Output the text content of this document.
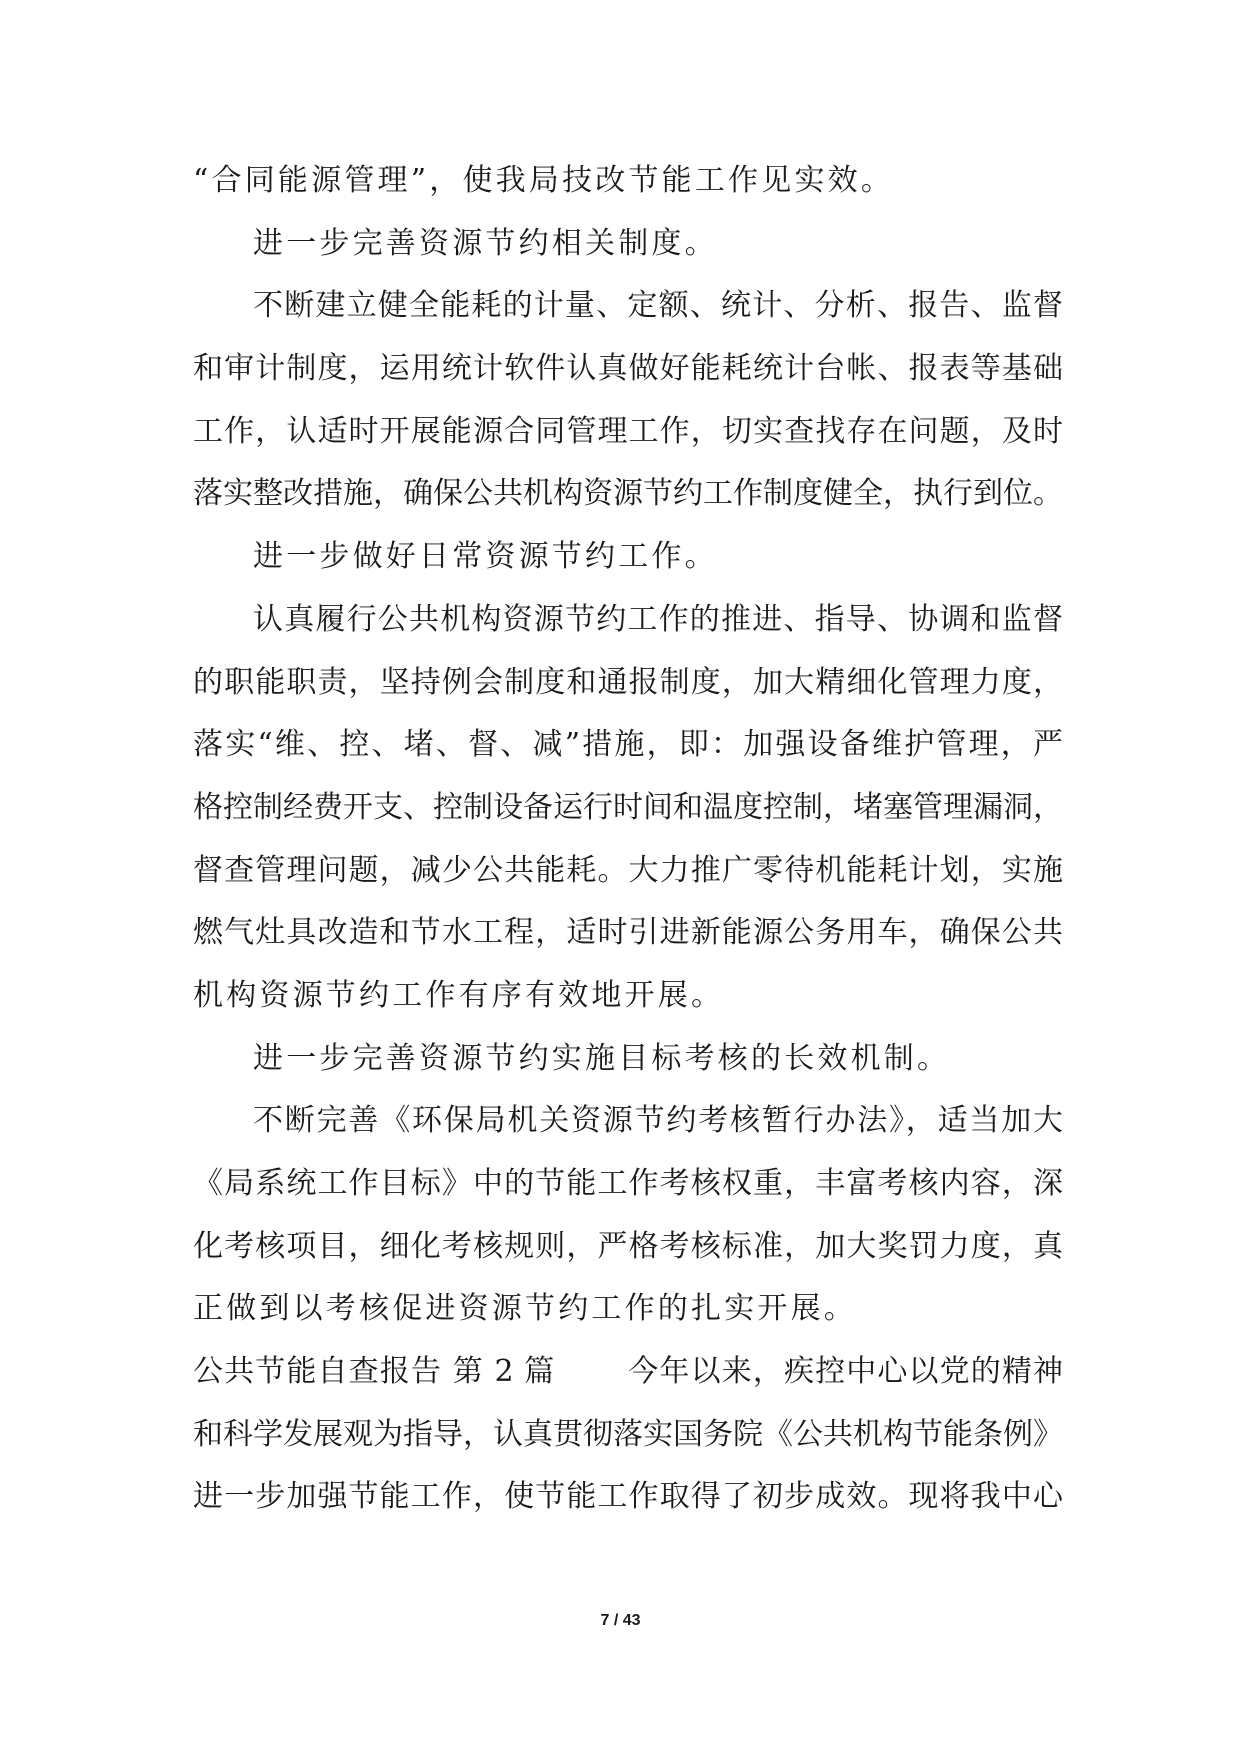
“合同能源管理”，使我局技改节能工作见实效。
进一步完善资源节约相关制度。
不断建立健全能耗的计量、定额、统计、分析、报告、监督
和审计制度，运用统计软件认真做好能耗统计台帐、报表等基础
工作，认适时开展能源合同管理工作，切实查找存在问题，及时
落实整改措施，确保公共机构资源节约工作制度健全，执行到位。
进一步做好日常资源节约工作。
认真履行公共机构资源节约工作的推进、指导、协调和监督
的职能职责，坚持例会制度和通报制度，加大精细化管理力度，
落实“维、控、堵、督、减”措施，即：加强设备维护管理，严
格控制经费开支、控制设备运行时间和温度控制，堵塞管理漏洞，
督查管理问题，减少公共能耗。大力推广零待机能耗计划，实施
燃气灶具改造和节水工程，适时引进新能源公务用车，确保公共
机构资源节约工作有序有效地开展。
进一步完善资源节约实施目标考核的长效机制。
不断完善《环保局机关资源节约考核暂行办法》，适当加大
《局系统工作目标》中的节能工作考核权重，丰富考核内容，深
化考核项目，细化考核规则，严格考核标准，加大奖罚力度，真
正做到以考核促进资源节约工作的扎实开展。
公共节能自查报告 第 2 篇　　 今年以来，疾控中心以党的精神
和科学发展观为指导，认真贯彻落实国务院《公共机构节能条例》
进一步加强节能工作，使节能工作取得了初步成效。现将我中心
7 / 43
